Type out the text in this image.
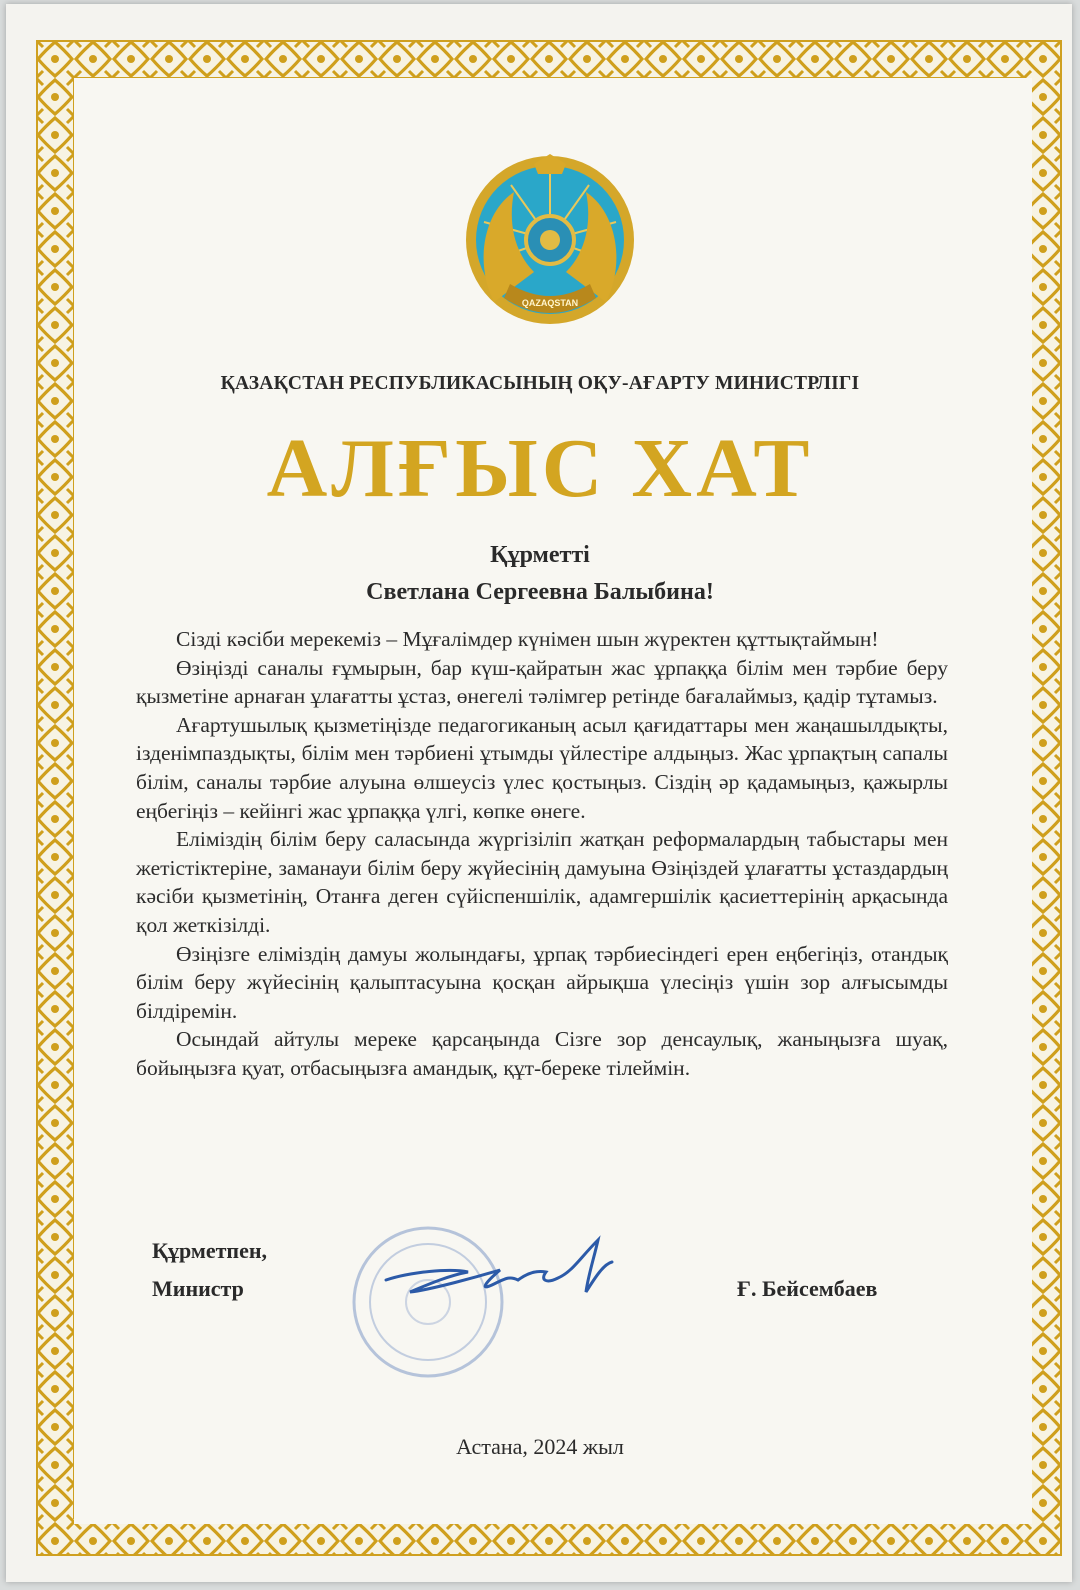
QAZAQSTAN
ҚАЗАҚСТАН РЕСПУБЛИКАСЫНЫҢ ОҚУ-АҒАРТУ МИНИСТРЛІГІ
АЛҒЫС ХАТ
Құрметті
Светлана Сергеевна Балыбина!

Сізді кәсіби мерекеміз – Мұғалімдер күнімен шын жүректен құттықтаймын!

Өзіңізді саналы ғұмырын, бар күш-қайратын жас ұрпаққа білім мен тәрбие беру қызметіне арнаған ұлағатты ұстаз, өнегелі тәлімгер ретінде бағалаймыз, қадір тұтамыз.

Ағартушылық қызметіңізде педагогиканың асыл қағидаттары мен жаңашылдықты, ізденімпаздықты, білім мен тәрбиені ұтымды үйлестіре алдыңыз. Жас ұрпақтың сапалы білім, саналы тәрбие алуына өлшеусіз үлес қостыңыз. Сіздің әр қадамыңыз, қажырлы еңбегіңіз – кейінгі жас ұрпаққа үлгі, көпке өнеге.

Еліміздің білім беру саласында жүргізіліп жатқан реформалардың табыстары мен жетістіктеріне, заманауи білім беру жүйесінің дамуына Өзіңіздей ұлағатты ұстаздардың кәсіби қызметінің, Отанға деген сүйіспеншілік, адамгершілік қасиеттерінің арқасында қол жеткізілді.

Өзіңізге еліміздің дамуы жолындағы, ұрпақ тәрбиесіндегі ерен еңбегіңіз, отандық білім беру жүйесінің қалыптасуына қосқан айрықша үлесіңіз үшін зор алғысымды білдіремін.

Осындай айтулы мереке қарсаңында Сізге зор денсаулық, жаныңызға шуақ, бойыңызға қуат, отбасыңызға амандық, құт-береке тілеймін.

Құрметпен,
Министр	Ғ. Бейсембаев
Астана, 2024 жыл
